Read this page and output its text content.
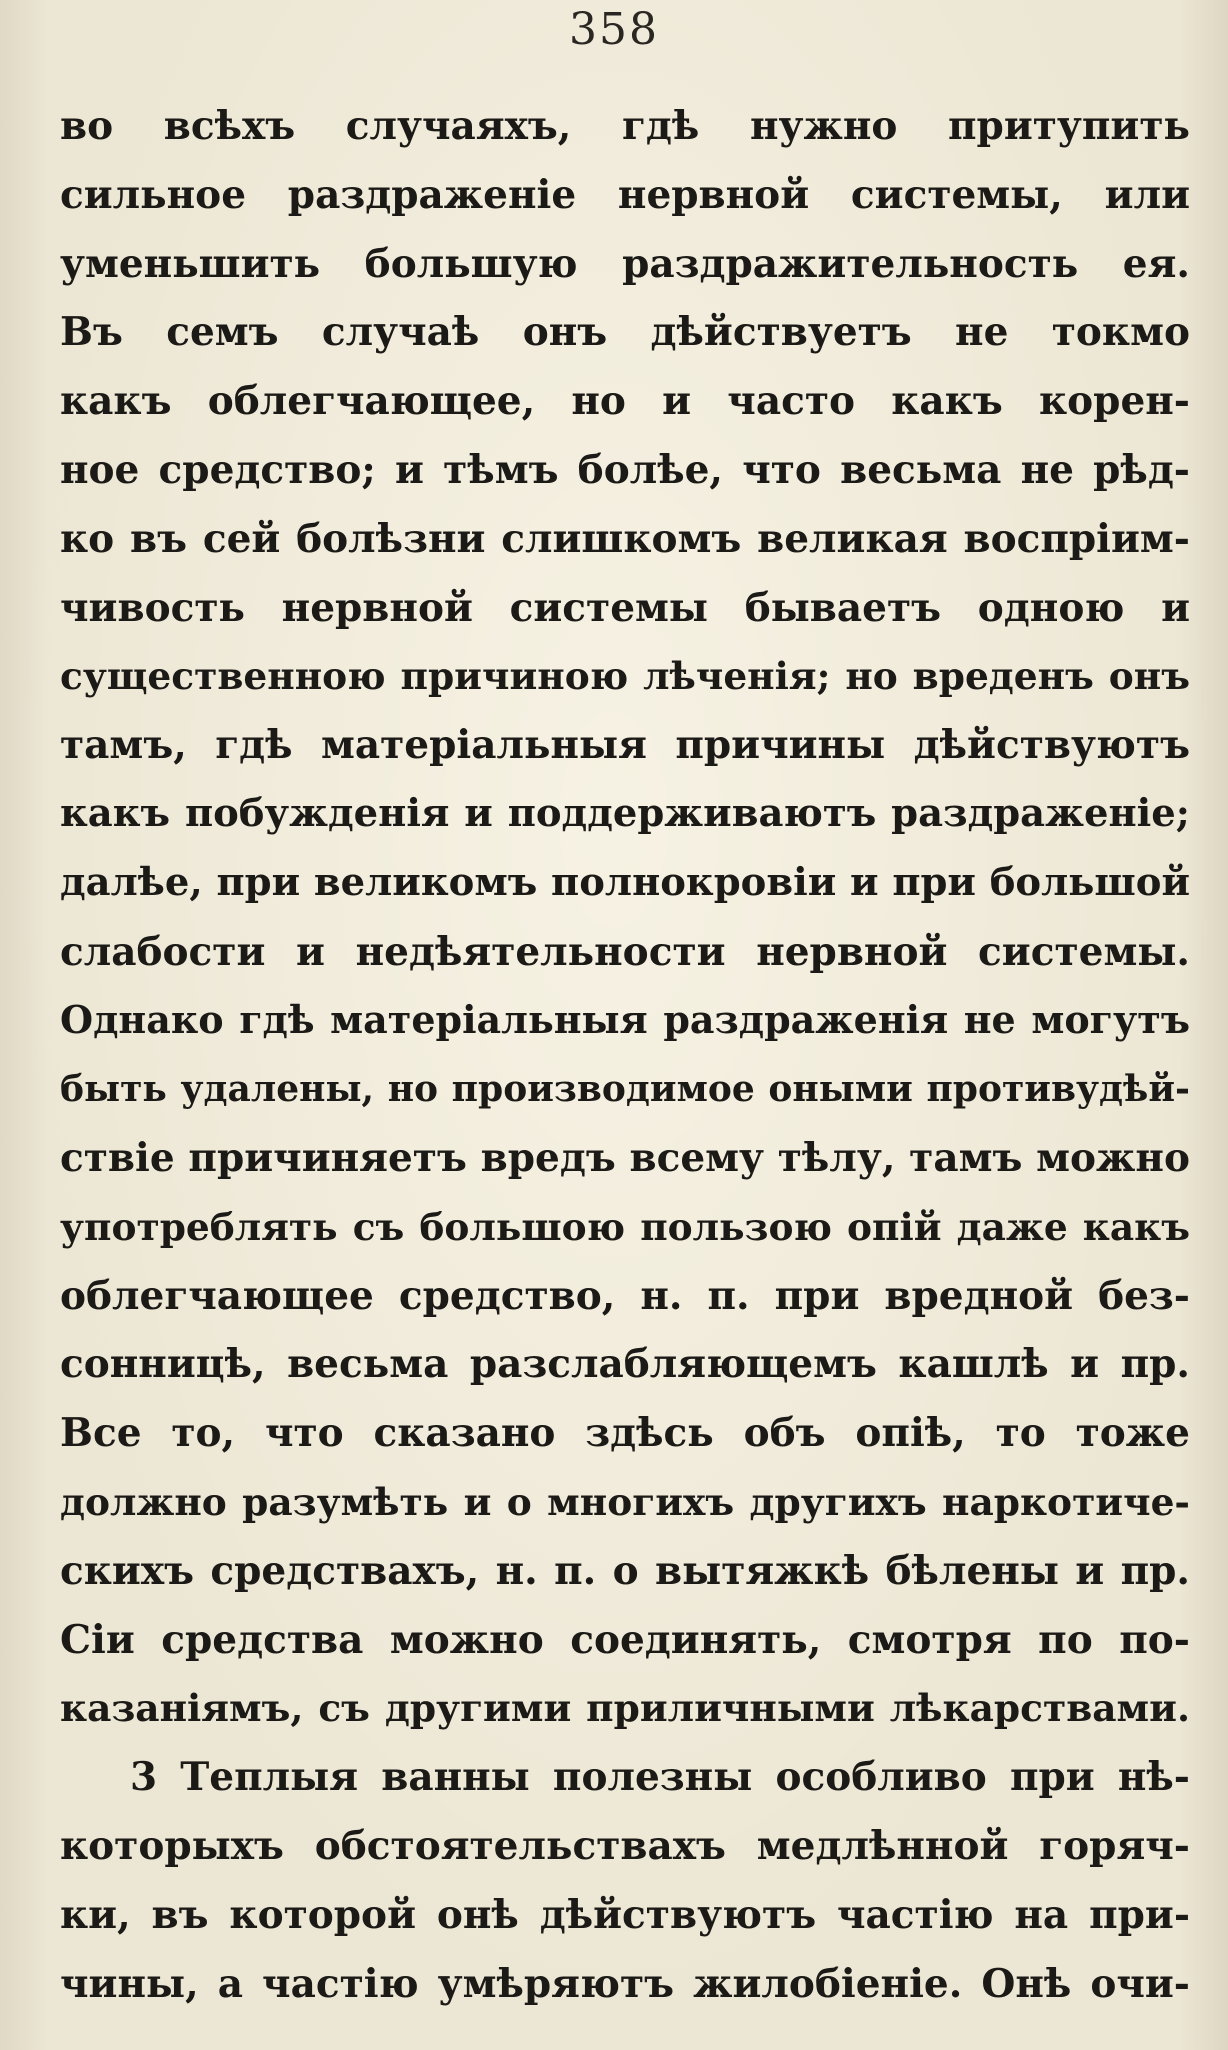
358
во всѣхъ случаяхъ, гдѣ нужно притупить
сильное раздраженіе нервной системы, или
уменьшить большую раздражительность ея.
Въ семъ случаѣ онъ дѣйствуетъ не токмо
какъ облегчающее, но и часто какъ корен-
ное средство; и тѣмъ болѣе, что весьма не рѣд-
ко въ сей болѣзни слишкомъ великая воспріим-
чивость нервной системы бываетъ одною и
существенною причиною лѣченія; но вреденъ онъ
тамъ, гдѣ матеріальныя причины дѣйствуютъ
какъ побужденія и поддерживаютъ раздраженіе;
далѣе, при великомъ полнокровіи и при большой
слабости и недѣятельности нервной системы.
Однако гдѣ матеріальныя раздраженія не могутъ
быть удалены, но производимое оными противудѣй-
ствіе причиняетъ вредъ всему тѣлу, тамъ можно
употреблять съ большою пользою опій даже какъ
облегчающее средство, н. п. при вредной без-
сонницѣ, весьма разслабляющемъ кашлѣ и пр.
Все то, что сказано здѣсь объ опіѣ, то тоже
должно разумѣть и о многихъ другихъ наркотиче-
скихъ средствахъ, н. п. о вытяжкѣ бѣлены и пр.
Сіи средства можно соединять, смотря по по-
казаніямъ, съ другими приличными лѣкарствами.
3 Теплыя ванны полезны особливо при нѣ-
которыхъ обстоятельствахъ медлѣнной горяч-
ки, въ которой онѣ дѣйствуютъ частію на при-
чины, а частію умѣряютъ жилобіеніе. Онѣ очи-
